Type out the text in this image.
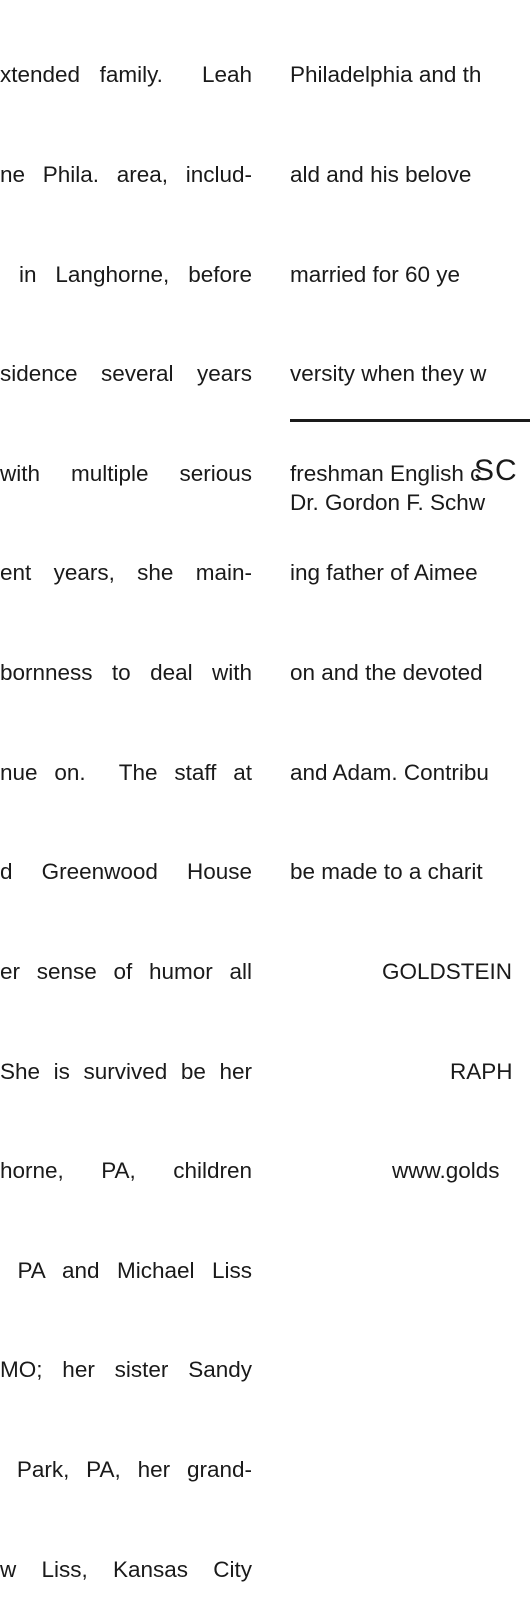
xtended family.  Leah

ne Phila. area, includ-

in Langhorne, before

sidence several years

with multiple serious

ent years, she main-

bornness to deal with

nue on.  The staff at

d Greenwood House

er sense of humor all

She is survived be her

horne, PA, children

PA and Michael Liss

MO; her sister Sandy

Park, PA, her grand-

w Liss, Kansas City

Philadelphia and th

ald and his belove

married for 60 ye

versity when they w

freshman English c

ing father of Aimee

on and the devoted

and Adam. Contribu

be made to a charit

GOLDSTEIN

RAPH

www.golds

SC

Dr. Gordon F. Schw
